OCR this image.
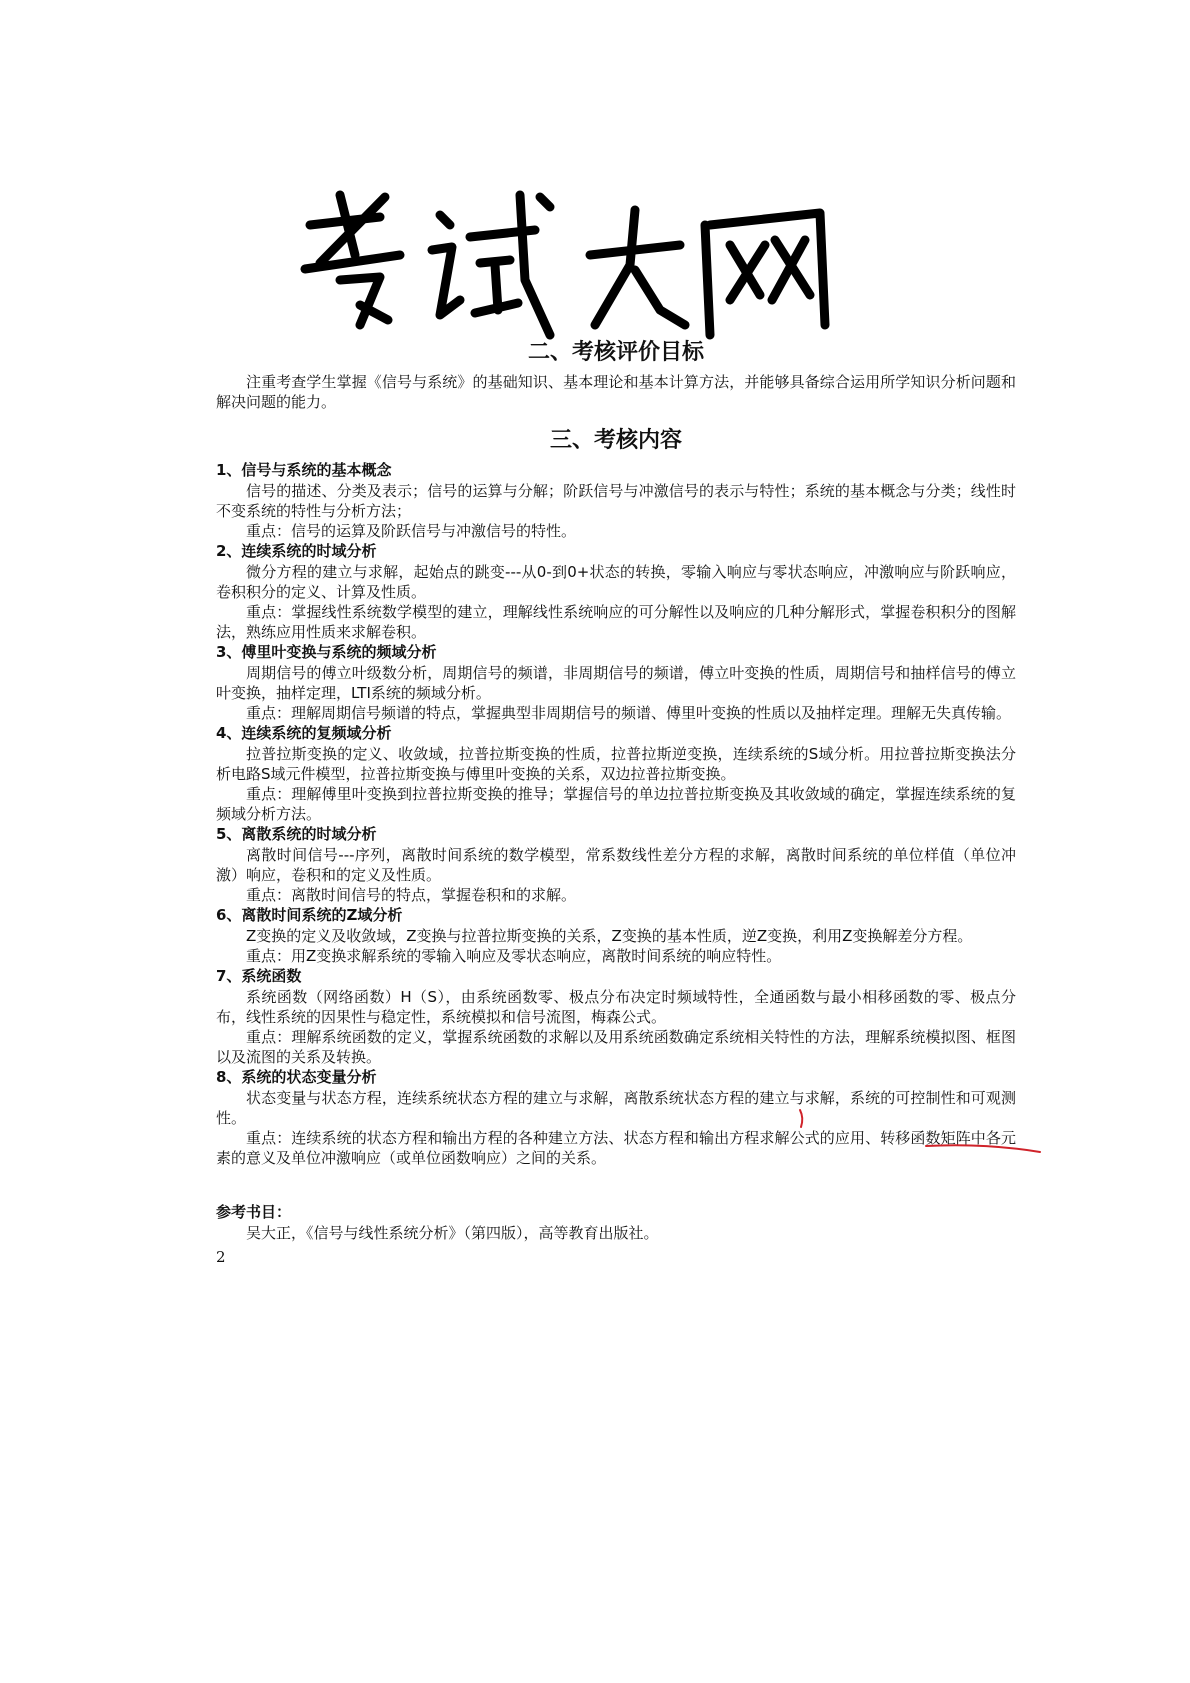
二、考核评价目标

注重考查学生掌握《信号与系统》的基础知识、基本理论和基本计算方法，并能够具备综合运用所学知识分析问题和解决问题的能力。

三、考核内容

1、信号与系统的基本概念

信号的描述、分类及表示；信号的运算与分解；阶跃信号与冲激信号的表示与特性；系统的基本概念与分类；线性时不变系统的特性与分析方法；

重点：信号的运算及阶跃信号与冲激信号的特性。

2、连续系统的时域分析

微分方程的建立与求解，起始点的跳变---从0-到0+状态的转换，零输入响应与零状态响应，冲激响应与阶跃响应，卷积积分的定义、计算及性质。

重点：掌握线性系统数学模型的建立，理解线性系统响应的可分解性以及响应的几种分解形式，掌握卷积积分的图解法，熟练应用性质来求解卷积。

3、傅里叶变换与系统的频域分析

周期信号的傅立叶级数分析，周期信号的频谱，非周期信号的频谱，傅立叶变换的性质，周期信号和抽样信号的傅立叶变换，抽样定理，LTI系统的频域分析。

重点：理解周期信号频谱的特点，掌握典型非周期信号的频谱、傅里叶变换的性质以及抽样定理。理解无失真传输。

4、连续系统的复频域分析

拉普拉斯变换的定义、收敛域，拉普拉斯变换的性质，拉普拉斯逆变换，连续系统的S域分析。用拉普拉斯变换法分析电路S域元件模型，拉普拉斯变换与傅里叶变换的关系，双边拉普拉斯变换。

重点：理解傅里叶变换到拉普拉斯变换的推导；掌握信号的单边拉普拉斯变换及其收敛域的确定，掌握连续系统的复频域分析方法。

5、离散系统的时域分析

离散时间信号---序列，离散时间系统的数学模型，常系数线性差分方程的求解，离散时间系统的单位样值（单位冲激）响应，卷积和的定义及性质。

重点：离散时间信号的特点，掌握卷积和的求解。

6、离散时间系统的Z域分析

Z变换的定义及收敛域，Z变换与拉普拉斯变换的关系，Z变换的基本性质，逆Z变换，利用Z变换解差分方程。

重点：用Z变换求解系统的零输入响应及零状态响应，离散时间系统的响应特性。

7、系统函数

系统函数（网络函数）H（S），由系统函数零、极点分布决定时频域特性，全通函数与最小相移函数的零、极点分布，线性系统的因果性与稳定性，系统模拟和信号流图，梅森公式。

重点：理解系统函数的定义，掌握系统函数的求解以及用系统函数确定系统相关特性的方法，理解系统模拟图、框图以及流图的关系及转换。

8、系统的状态变量分析

状态变量与状态方程，连续系统状态方程的建立与求解，离散系统状态方程的建立与求解，系统的可控制性和可观测性。

重点：连续系统的状态方程和输出方程的各种建立方法、状态方程和输出方程求解公式的应用、转移函数矩阵中各元素的意义及单位冲激响应（或单位函数响应）之间的关系。

参考书目：

吴大正，《信号与线性系统分析》（第四版），高等教育出版社。

2
